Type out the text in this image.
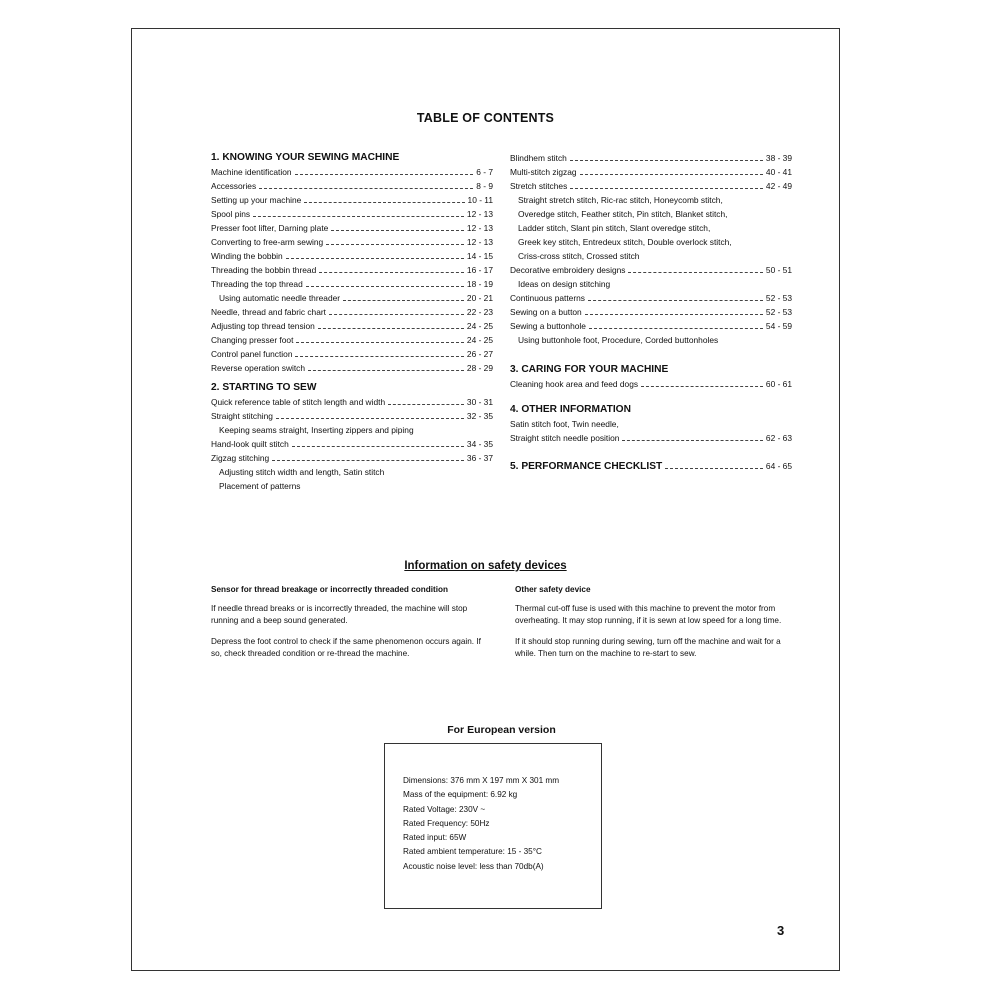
TABLE OF CONTENTS
1. KNOWING YOUR SEWING MACHINE
Machine identification	6 - 7
Accessories	8 - 9
Setting up your machine	10 - 11
Spool pins	12 - 13
Presser foot lifter, Darning plate	12 - 13
Converting to free-arm sewing	12 - 13
Winding the bobbin	14 - 15
Threading the bobbin thread	16 - 17
Threading the top thread	18 - 19
Using automatic needle threader	20 - 21
Needle, thread and fabric chart	22 - 23
Adjusting top thread tension	24 - 25
Changing presser foot	24 - 25
Control panel function	26 - 27
Reverse operation switch	28 - 29
2. STARTING TO SEW
Quick reference table of stitch length and width	30 - 31
Straight stitching	32 - 35
Keeping seams straight, Inserting zippers and piping
Hand-look quilt stitch	34 - 35
Zigzag stitching	36 - 37
Adjusting stitch width and length, Satin stitch
Placement of patterns
Blindhem stitch	38 - 39
Multi-stitch zigzag	40 - 41
Stretch stitches	42 - 49
Straight stretch stitch, Ric-rac stitch, Honeycomb stitch,
Overedge stitch, Feather stitch, Pin stitch, Blanket stitch,
Ladder stitch, Slant pin stitch, Slant overedge stitch,
Greek key stitch, Entredeux stitch, Double overlock stitch,
Criss-cross stitch, Crossed stitch
Decorative embroidery designs	50 - 51
Ideas on design stitching
Continuous patterns	52 - 53
Sewing on a button	52 - 53
Sewing a buttonhole	54 - 59
Using buttonhole foot, Procedure, Corded buttonholes
3. CARING FOR YOUR MACHINE
Cleaning hook area and feed dogs	60 - 61
4. OTHER INFORMATION
Satin stitch foot, Twin needle,
Straight stitch needle position	62 - 63
5. PERFORMANCE CHECKLIST	64 - 65
Information on safety devices
Sensor for thread breakage or incorrectly threaded condition

If needle thread breaks or is incorrectly threaded, the machine will stop running and a beep sound generated.

Depress the foot control to check if the same phenomenon occurs again. If so, check threaded condition or re-thread the machine.

Other safety device

Thermal cut-off fuse is used with this machine to prevent the motor from overheating. It may stop running, if it is sewn at low speed for a long time.

If it should stop running during sewing, turn off the machine and wait for a while. Then turn on the machine to re-start to sew.

For European version
Dimensions: 376 mm X 197 mm X 301 mm
Mass of the equipment: 6.92 kg
Rated Voltage: 230V ~
Rated Frequency: 50Hz
Rated input: 65W
Rated ambient temperature: 15 - 35°C
Acoustic noise level: less than 70db(A)
3
